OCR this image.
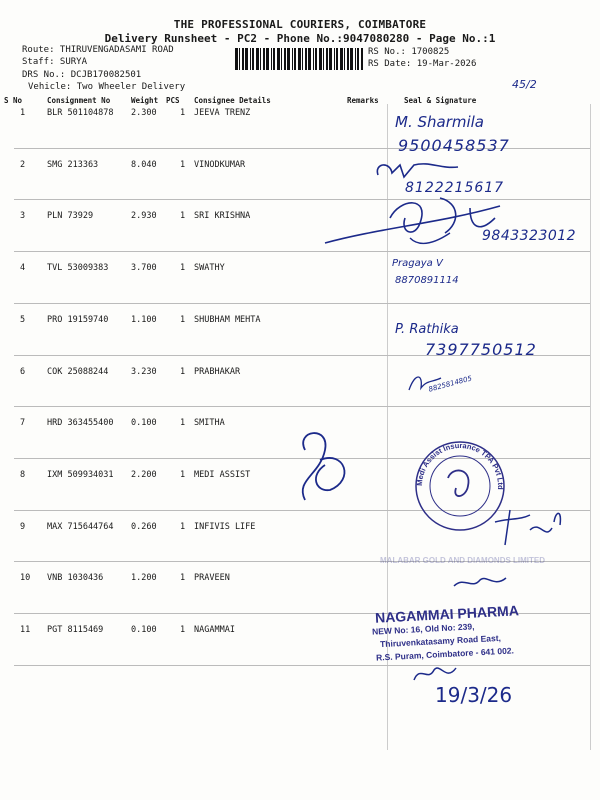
THE PROFESSIONAL COURIERS, COIMBATORE
Delivery Runsheet - PC2 - Phone No.:9047080280 - Page No.:1
Route: THIRUVENGADASAMI ROAD
Staff: SURYA
DRS No.: DCJB170082501
Vehicle: Two Wheeler Delivery
RS No.: 1700825
RS Date: 19-Mar-2026
45/2
S No	Consignment No	Weight PCS Consignee Details	Remarks	Seal & Signature
1	BLR 501104878 2.300	1 JEEVA TRENZ
2	SMG 213363	8.040	1 VINODKUMAR
3	PLN 73929	2.930	1 SRI KRISHNA
4	TVL 53009383	3.700	1 SWATHY
5	PRO 19159740	1.100	1 SHUBHAM MEHTA
6	COK 25088244	3.230	1 PRABHAKAR
7	HRD 363455400 0.100	1 SMITHA
8	IXM 509934031 2.200	1 MEDI ASSIST
9	MAX 715644764 0.260	1 INFIVIS LIFE
10 VNB 1030436	1.200	1 PRAVEEN
11 PGT 8115469	0.100	1 NAGAMMAI
M. Sharmila
9500458537
8122215617
9843323012
Pragaya V
8870891114
P. Rathika
7397750512
8825814805
Medi Assist Insurance TPA Pvt Ltd
MALABAR GOLD AND DIAMONDS LIMITED
NAGAMMAI PHARMA
NEW No: 16, Old No: 239,
Thiruvenkatasamy Road East,
R.S. Puram, Coimbatore - 641 002.
19/3/26
